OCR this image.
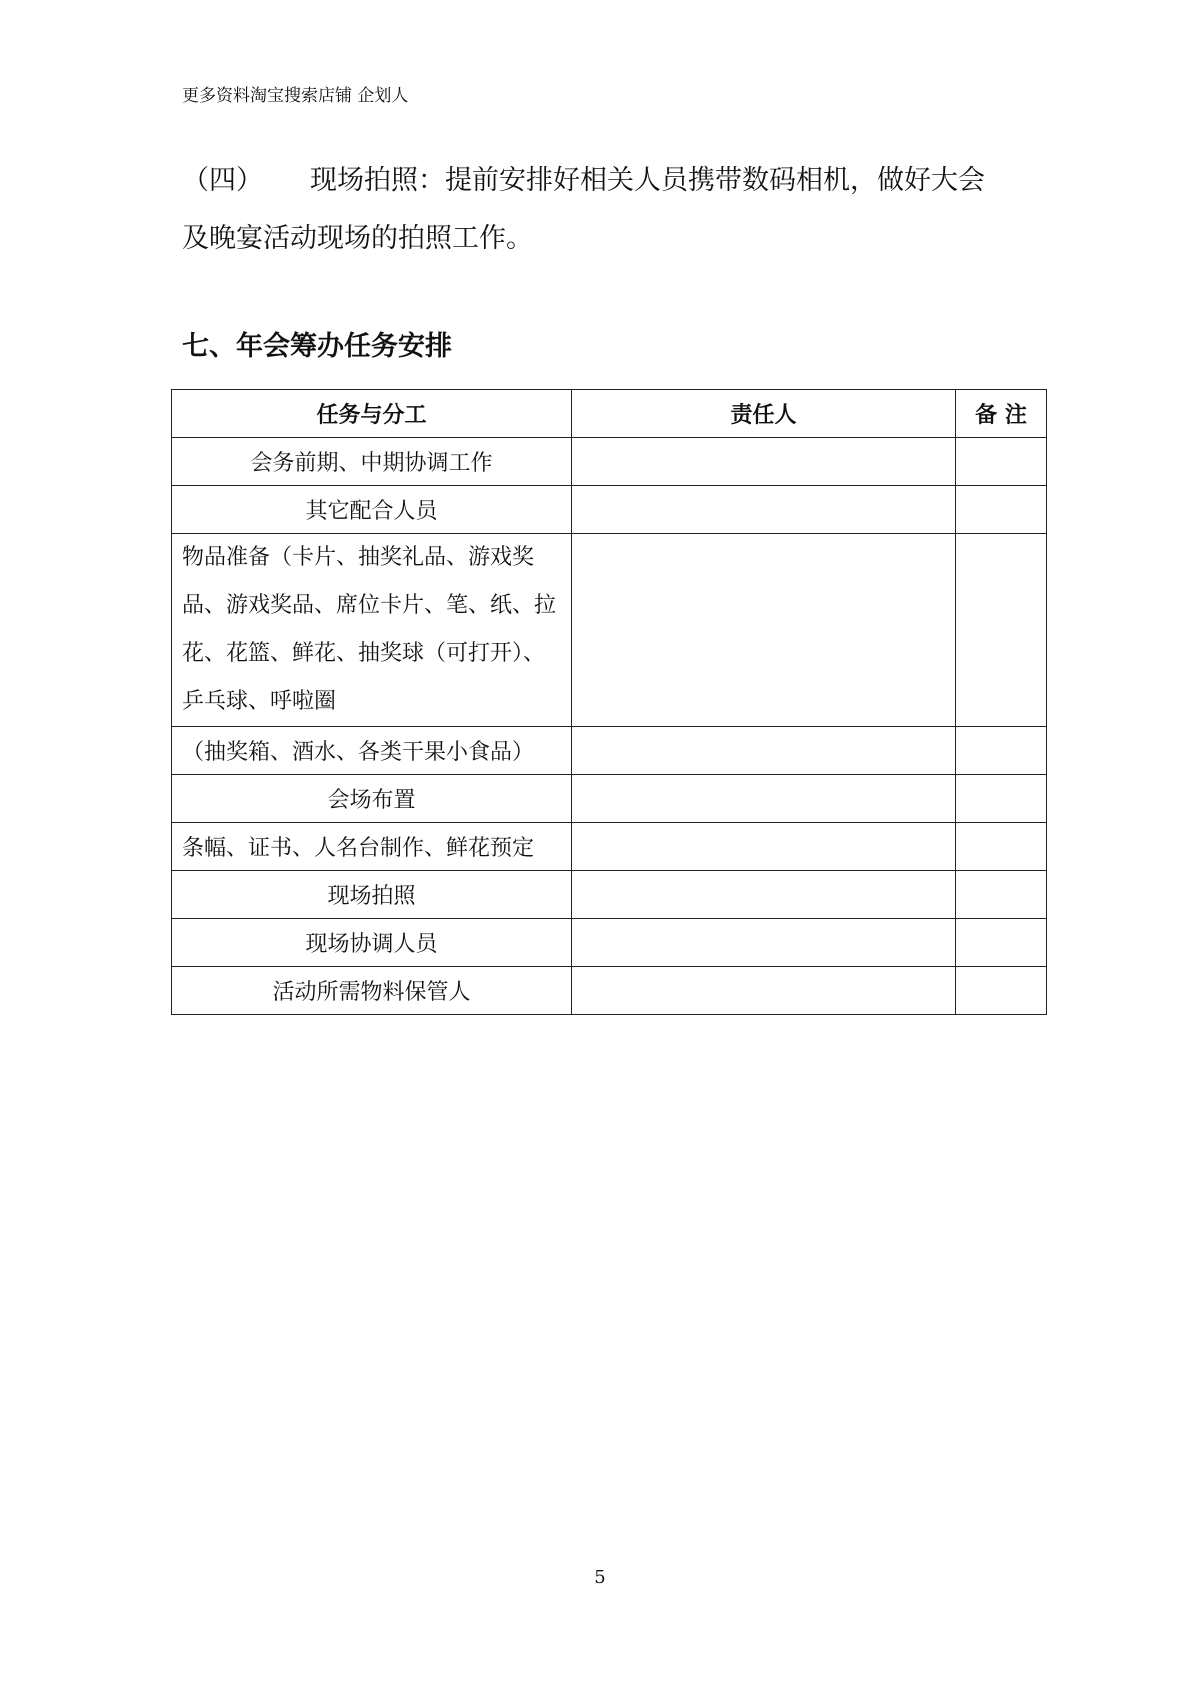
更多资料淘宝搜索店铺 企划人
（四） 现场拍照：提前安排好相关人员携带数码相机，做好大会
及晚宴活动现场的拍照工作。
七、年会筹办任务安排
任务与分工	责任人	备 注
会务前期、中期协调工作		
其它配合人员		
物品准备（卡片、抽奖礼品、游戏奖品、游戏奖品、席位卡片、笔、纸、拉花、花篮、鲜花、抽奖球（可打开）、乒乓球、呼啦圈		
（抽奖箱、酒水、各类干果小食品）		
会场布置		
条幅、证书、人名台制作、鲜花预定		
现场拍照		
现场协调人员		
活动所需物料保管人		
5
